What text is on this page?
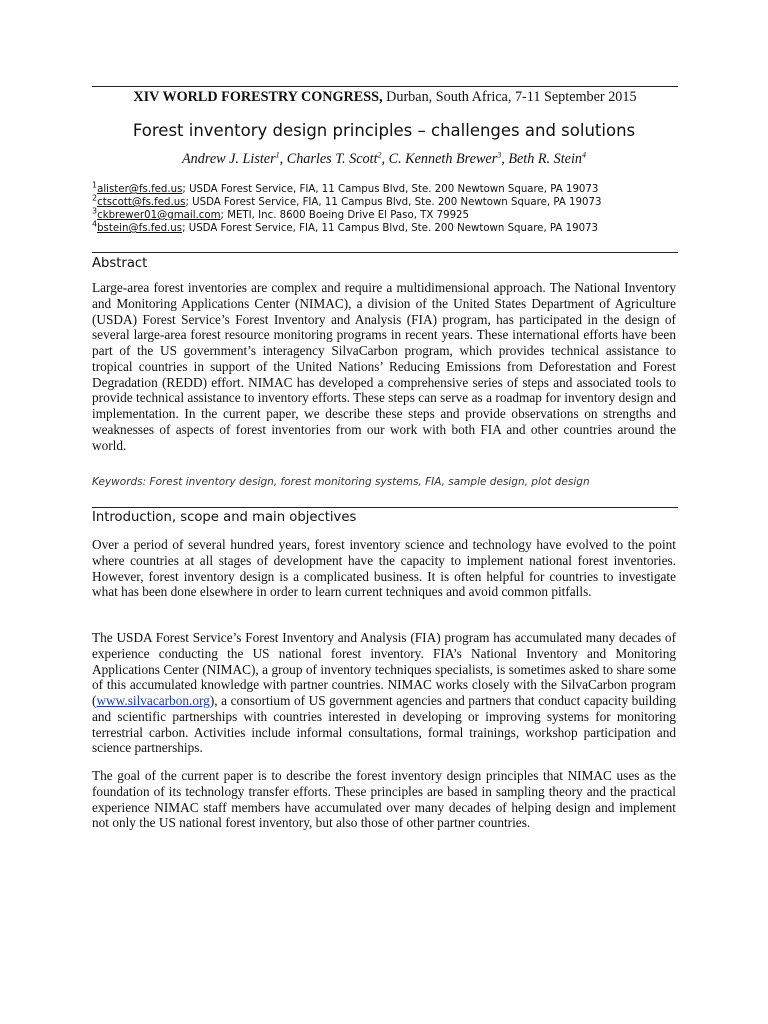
XIV WORLD FORESTRY CONGRESS, Durban, South Africa, 7-11 September 2015
Forest inventory design principles – challenges and solutions
Andrew J. Lister$^1$, Charles T. Scott$^2$, C. Kenneth Brewer$^3$, Beth R. Stein$^4$
$^1$alister@fs.fed.us; USDA Forest Service, FIA, 11 Campus Blvd, Ste. 200 Newtown Square, PA 19073
$^2$ctscott@fs.fed.us; USDA Forest Service, FIA, 11 Campus Blvd, Ste. 200 Newtown Square, PA 19073
$^3$ckbrewer01@gmail.com; METI, Inc. 8600 Boeing Drive El Paso, TX 79925
$^4$bstein@fs.fed.us; USDA Forest Service, FIA, 11 Campus Blvd, Ste. 200 Newtown Square, PA 19073
Abstract

Large-area forest inventories are complex and require a multidimensional approach. The National Inventory and Monitoring Applications Center (NIMAC), a division of the United States Department of Agriculture (USDA) Forest Service’s Forest Inventory and Analysis (FIA) program, has participated in the design of several large-area forest resource monitoring programs in recent years. These international efforts have been part of the US government’s interagency SilvaCarbon program, which provides technical assistance to tropical countries in support of the United Nations’ Reducing Emissions from Deforestation and Forest Degradation (REDD) effort. NIMAC has developed a comprehensive series of steps and associated tools to provide technical assistance to inventory efforts. These steps can serve as a roadmap for inventory design and implementation. In the current paper, we describe these steps and provide observations on strengths and weaknesses of aspects of forest inventories from our work with both FIA and other countries around the world.

Keywords: Forest inventory design, forest monitoring systems, FIA, sample design, plot design
Introduction, scope and main objectives

Over a period of several hundred years, forest inventory science and technology have evolved to the point where countries at all stages of development have the capacity to implement national forest inventories. However, forest inventory design is a complicated business. It is often helpful for countries to investigate what has been done elsewhere in order to learn current techniques and avoid common pitfalls.

The USDA Forest Service’s Forest Inventory and Analysis (FIA) program has accumulated many decades of experience conducting the US national forest inventory. FIA’s National Inventory and Monitoring Applications Center (NIMAC), a group of inventory techniques specialists, is sometimes asked to share some of this accumulated knowledge with partner countries. NIMAC works closely with the SilvaCarbon program (www.silvacarbon.org), a consortium of US government agencies and partners that conduct capacity building and scientific partnerships with countries interested in developing or improving systems for monitoring terrestrial carbon. Activities include informal consultations, formal trainings, workshop participation and science partnerships.

The goal of the current paper is to describe the forest inventory design principles that NIMAC uses as the foundation of its technology transfer efforts. These principles are based in sampling theory and the practical experience NIMAC staff members have accumulated over many decades of helping design and implement not only the US national forest inventory, but also those of other partner countries.
